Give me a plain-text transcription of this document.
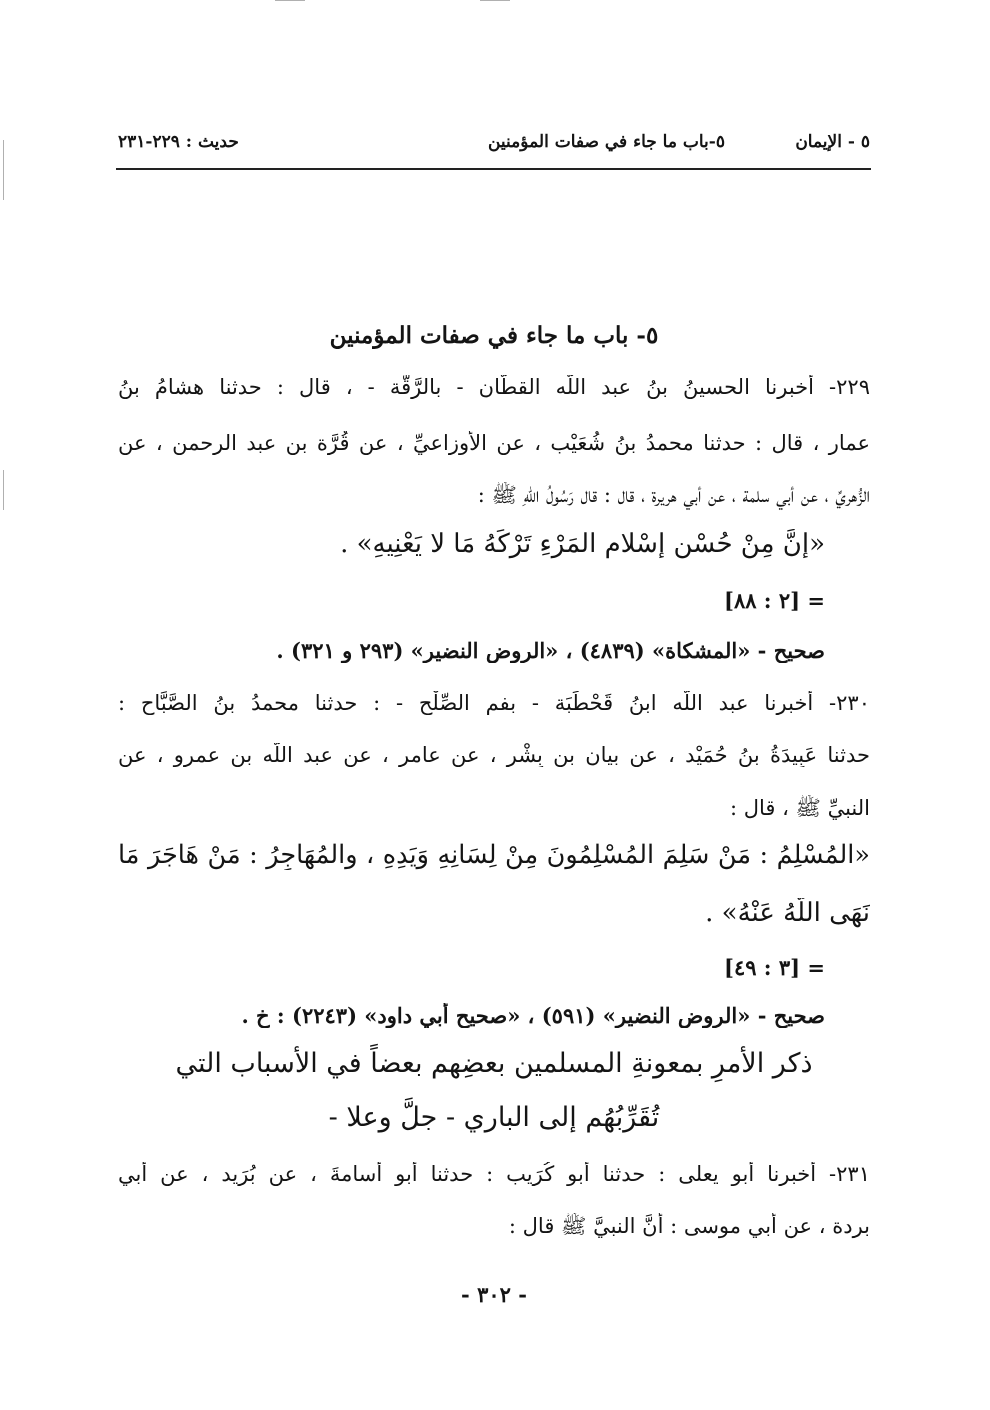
٥ - الإيمان
٥-باب ما جاء في صفات المؤمنين
حديث : ٢٢٩-٢٣١
٥- باب ما جاء في صفات المؤمنين
٢٢٩- أخبرنا الحسينُ بنُ عبد اللّه القطّان - بالرَّقَّة - ، قال : حدثنا هشامُ بنُ
عمار ، قال : حدثنا محمدُ بنُ شُعَيْب ، عن الأوزاعيِّ ، عن قُرَّة بن عبد الرحمن ، عن
الزُّهريِّ ، عن أبي سلمة ، عن أبي هريرة ، قال : قال رَسُولُ اللّهِ ﷺ :
«إنَّ مِنْ حُسْنِ إسْلامِ المَرْءِ تَرْكَهُ مَا لا يَعْنِيهِ» .
= [٢ : ٨٨]
صحيح - «المشكاة» (٤٨٣٩) ، «الروض النضير» (٢٩٣ و ٣٢١) .
٢٣٠- أخبرنا عبد اللّه ابنُ قَحْطَبَة - بفم الصِّلْح - : حدثنا محمدُ بنُ الصَّبَّاح :
حدثنا عَبِيدَةُ بنُ حُمَيْد ، عن بيان بن بِشْر ، عن عامرٍ ، عن عبد اللّه بنِ عمرو ، عن
النبيِّ ﷺ ، قال :
«المُسْلِمُ : مَنْ سَلِمَ المُسْلِمُونَ مِنْ لِسَانِهِ وَيَدِهِ ، والمُهَاجِرُ : مَنْ هَاجَرَ مَا
نَهَى اللّهُ عَنْهُ» .
= [٣ : ٤٩]
صحيح - «الروض النضير» (٥٩١) ، «صحيح أبي داود» (٢٢٤٣) : خ .
ذكر الأمرِ بمعونةِ المسلمين بعضِهم بعضاً في الأسباب التي
تُقَرِّبُهُم إلى الباري - جلَّ وعلا -
٢٣١- أخبرنا أبو يعلى : حدثنا أبو كُرَيب : حدثنا أبو أسامةَ ، عن بُرَيد ، عن أبي
بردة ، عن أبي موسى : أنَّ النبيَّ ﷺ قال :
- ٣٠٢ -
